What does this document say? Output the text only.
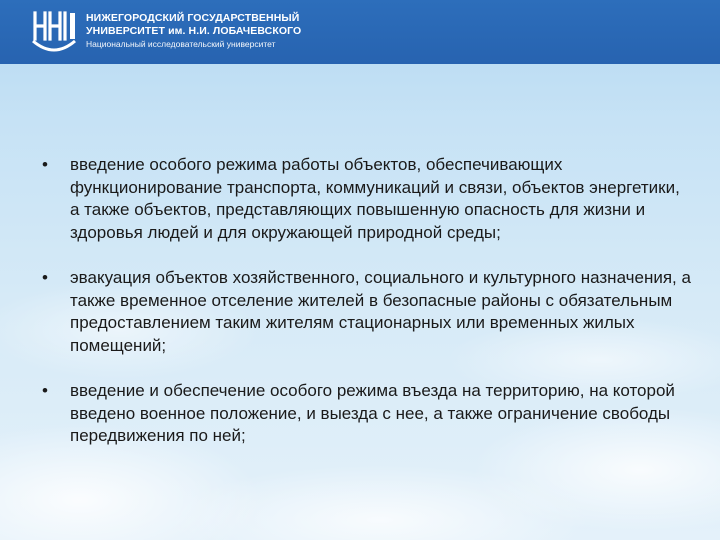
НИЖЕГОРОДСКИЙ ГОСУДАРСТВЕННЫЙ
УНИВЕРСИТЕТ им. Н.И. ЛОБАЧЕВСКОГО
Национальный исследовательский университет
•	введение особого режима работы объектов, обеспечивающих функционирование транспорта, коммуникаций и связи, объектов энергетики, а также объектов, представляющих повышенную опасность для жизни и здоровья людей и для окружающей природной среды;
•	эвакуация объектов хозяйственного, социального и культурного назначения, а также временное отселение жителей в безопасные районы с обязательным предоставлением таким жителям стационарных или временных жилых помещений;
•	введение и обеспечение особого режима въезда на территорию, на которой введено военное положение, и выезда с нее, а также ограничение свободы передвижения по ней;
